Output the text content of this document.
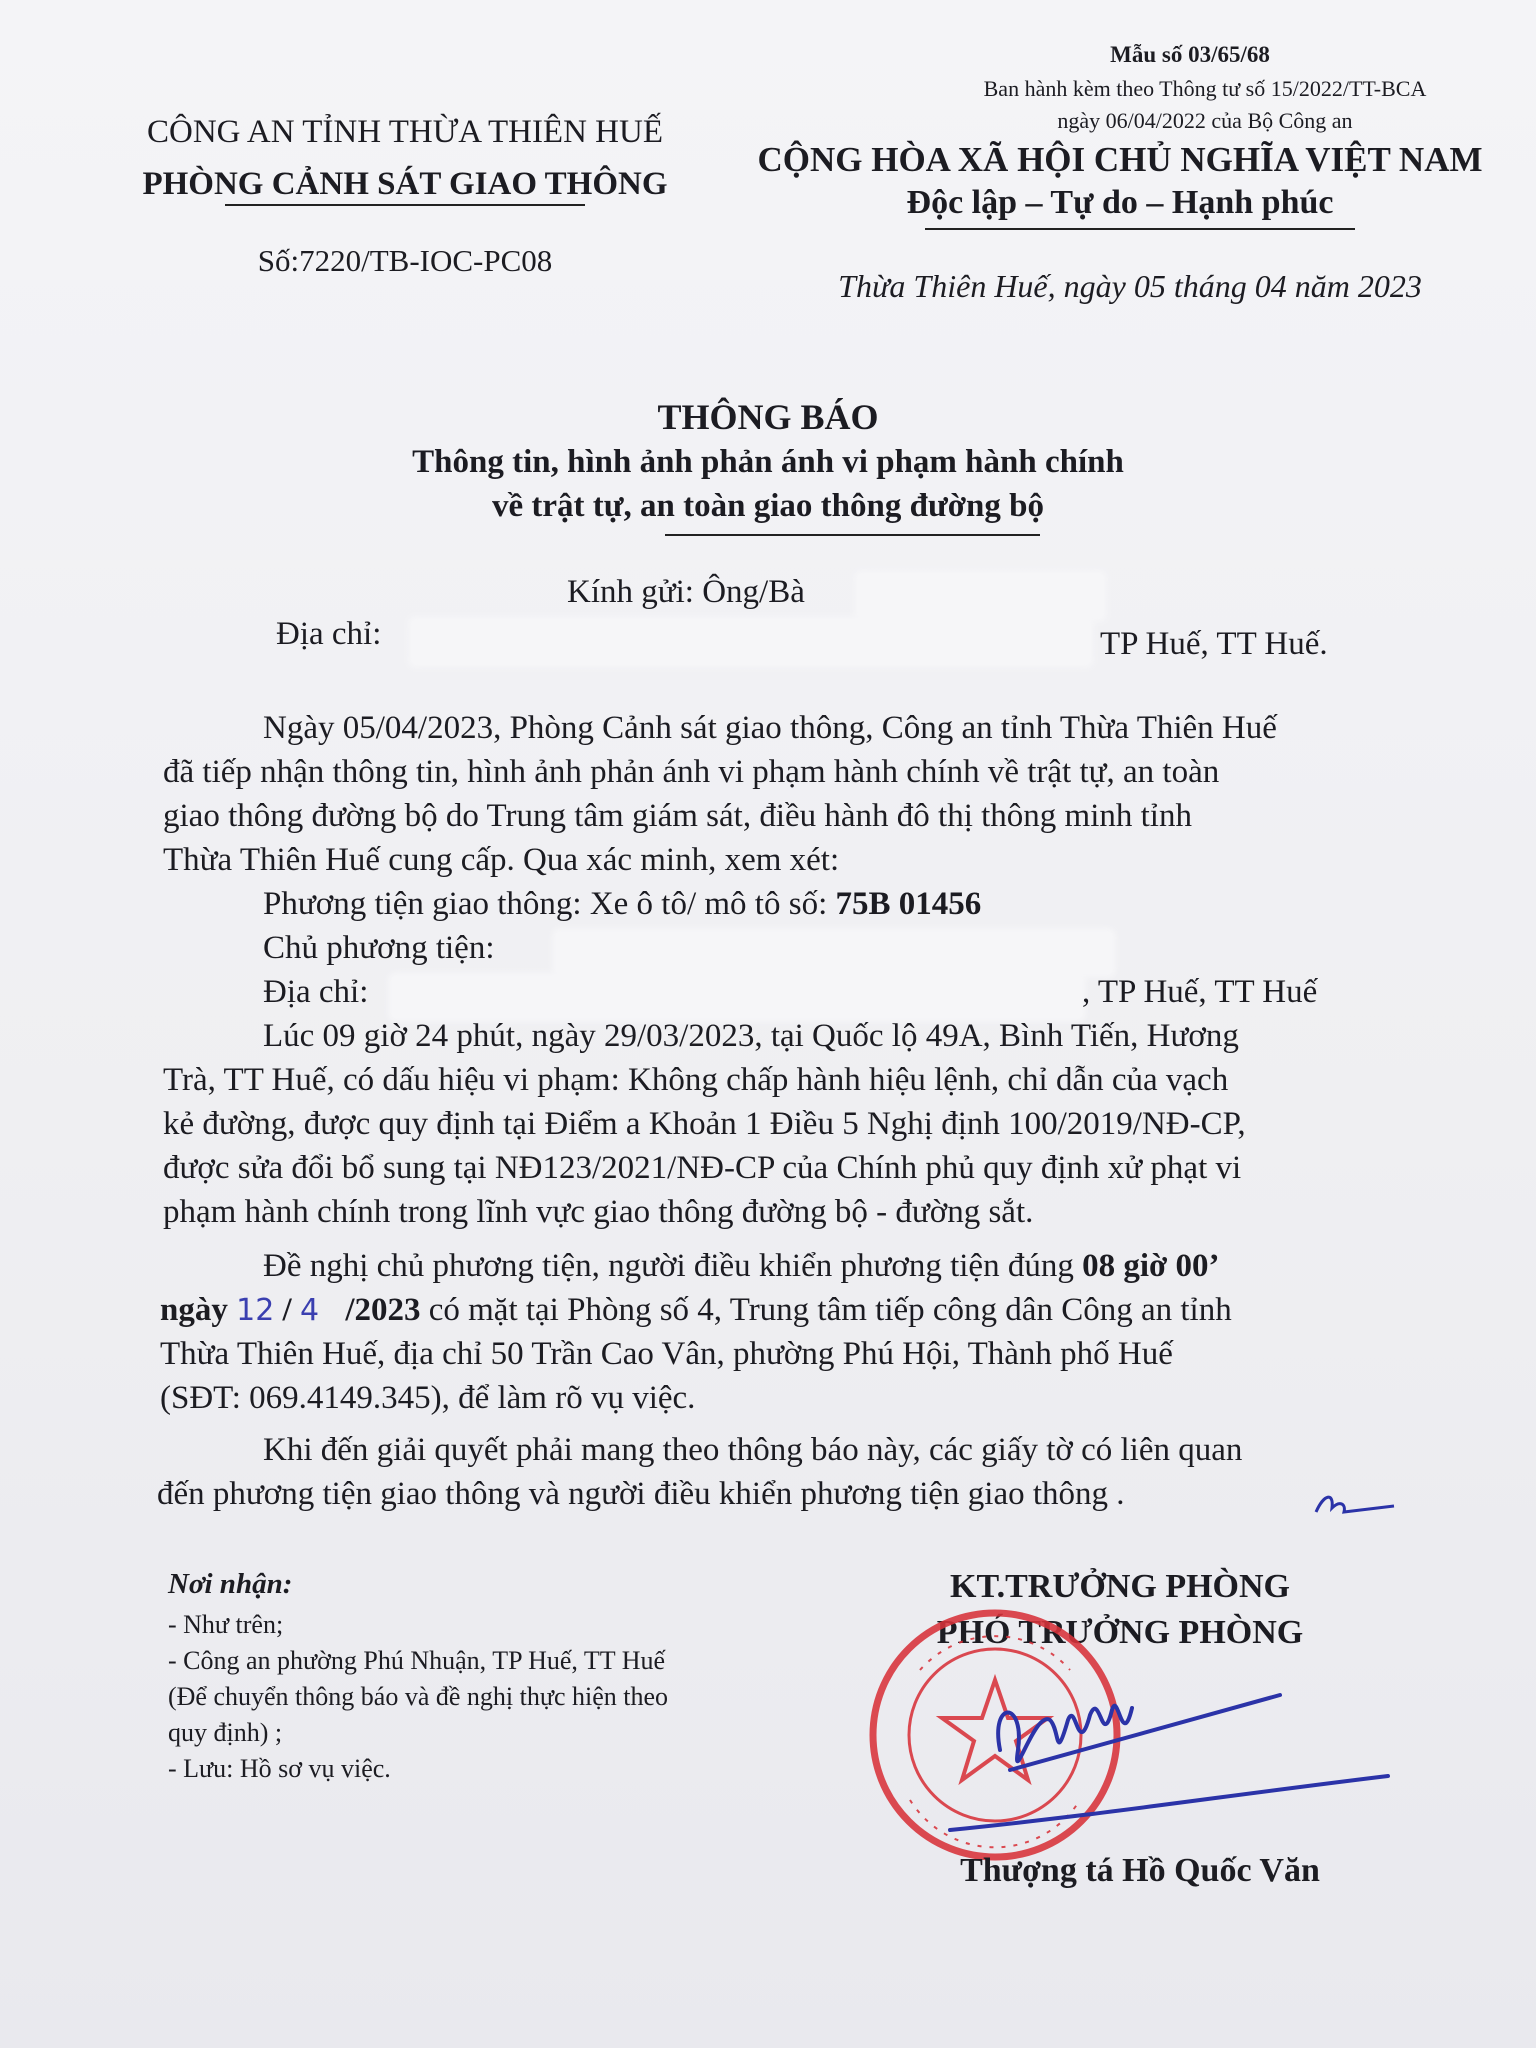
Mẫu số 03/65/68
Ban hành kèm theo Thông tư số 15/2022/TT-BCA
ngày 06/04/2022 của Bộ Công an
CÔNG AN TỈNH THỪA THIÊN HUẾ
PHÒNG CẢNH SÁT GIAO THÔNG
Số:7220/TB-IOC-PC08
CỘNG HÒA XÃ HỘI CHỦ NGHĨA VIỆT NAM
Độc lập – Tự do – Hạnh phúc
Thừa Thiên Huế, ngày 05 tháng 04 năm 2023
THÔNG BÁO
Thông tin, hình ảnh phản ánh vi phạm hành chính
về trật tự, an toàn giao thông đường bộ
Kính gửi: Ông/Bà
Địa chỉ:	TP Huế, TT Huế.
Ngày 05/04/2023, Phòng Cảnh sát giao thông, Công an tỉnh Thừa Thiên Huế
đã tiếp nhận thông tin, hình ảnh phản ánh vi phạm hành chính về trật tự, an toàn
giao thông đường bộ do Trung tâm giám sát, điều hành đô thị thông minh tỉnh
Thừa Thiên Huế cung cấp. Qua xác minh, xem xét:
Phương tiện giao thông: Xe ô tô/ mô tô số: 75B 01456
Chủ phương tiện:
Địa chỉ:	, TP Huế, TT Huế
Lúc 09 giờ 24 phút, ngày 29/03/2023, tại Quốc lộ 49A, Bình Tiến, Hương
Trà, TT Huế, có dấu hiệu vi phạm: Không chấp hành hiệu lệnh, chỉ dẫn của vạch
kẻ đường, được quy định tại Điểm a Khoản 1 Điều 5 Nghị định 100/2019/NĐ-CP,
được sửa đổi bổ sung tại NĐ123/2021/NĐ-CP của Chính phủ quy định xử phạt vi
phạm hành chính trong lĩnh vực giao thông đường bộ - đường sắt.
Đề nghị chủ phương tiện, người điều khiển phương tiện đúng 08 giờ 00’
ngày 12 / 4 /2023 có mặt tại Phòng số 4, Trung tâm tiếp công dân Công an tỉnh
Thừa Thiên Huế, địa chỉ 50 Trần Cao Vân, phường Phú Hội, Thành phố Huế
(SĐT: 069.4149.345), để làm rõ vụ việc.
Khi đến giải quyết phải mang theo thông báo này, các giấy tờ có liên quan
đến phương tiện giao thông và người điều khiển phương tiện giao thông .
Nơi nhận:
- Như trên;
- Công an phường Phú Nhuận, TP Huế, TT Huế
(Để chuyển thông báo và đề nghị thực hiện theo
quy định) ;
- Lưu: Hồ sơ vụ việc.
KT.TRƯỞNG PHÒNG
PHÓ TRƯỞNG PHÒNG
Thượng tá Hồ Quốc Văn
